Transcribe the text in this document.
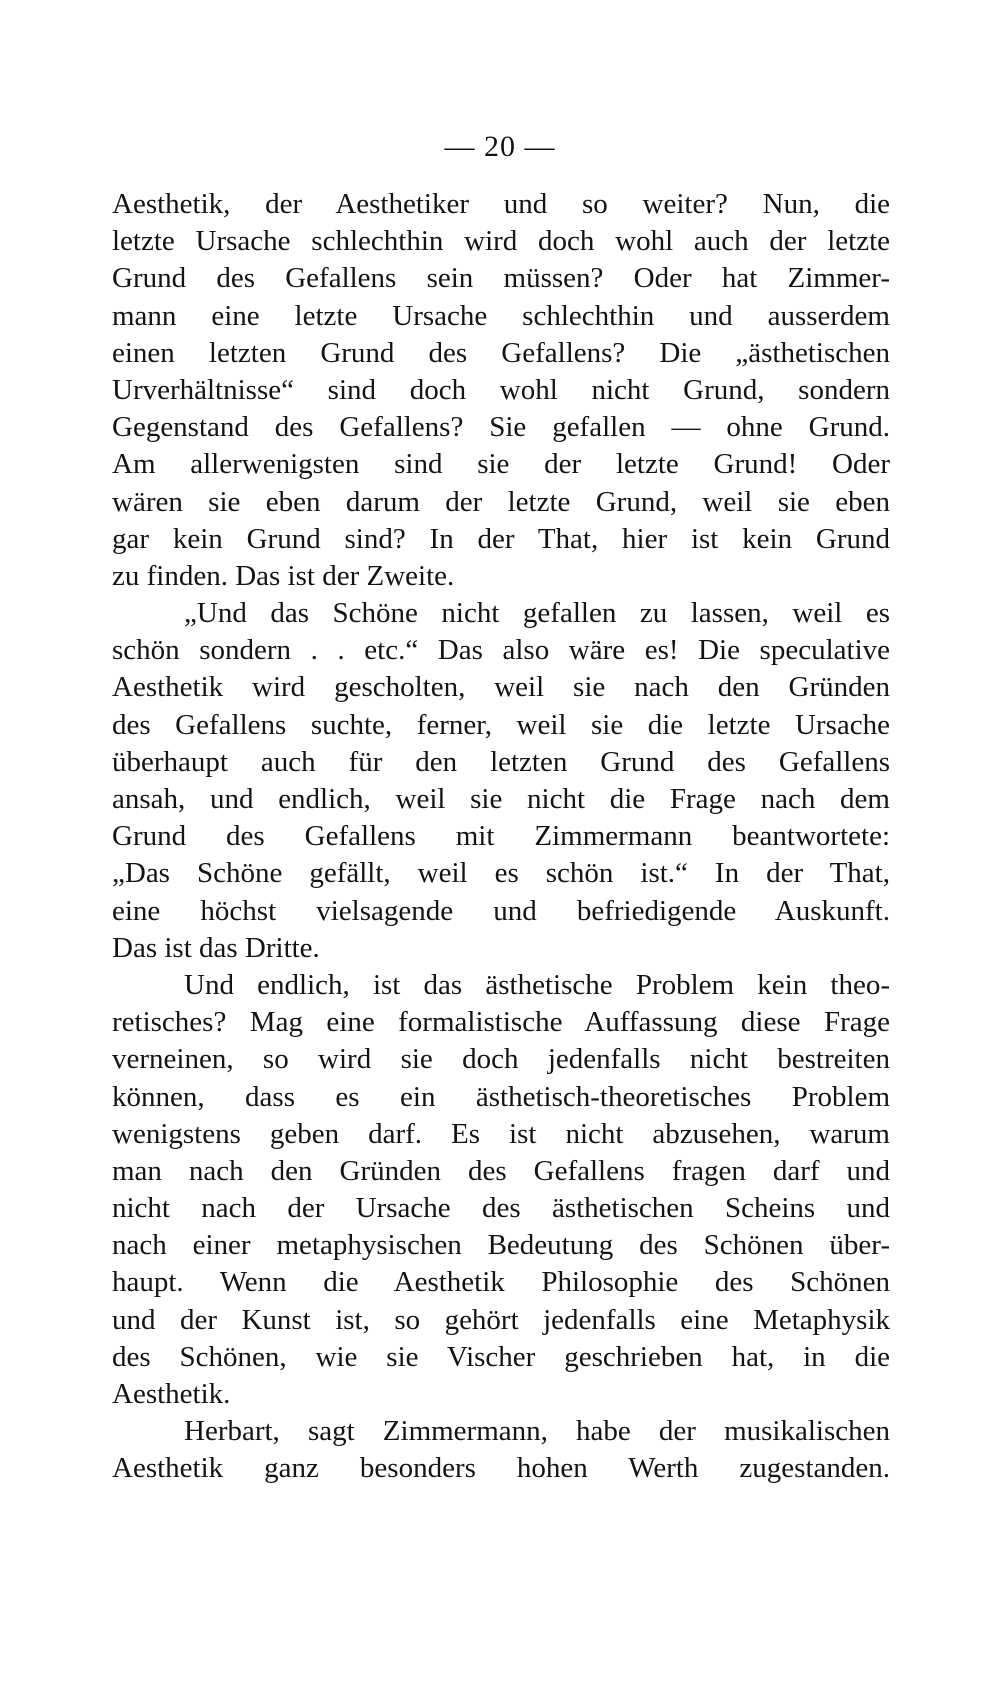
— 20 —
Aesthetik, der Aesthetiker und so weiter? Nun, die
letzte Ursache schlechthin wird doch wohl auch der letzte
Grund des Gefallens sein müssen? Oder hat Zimmer-
mann eine letzte Ursache schlechthin und ausserdem
einen letzten Grund des Gefallens? Die „ästhetischen
Urverhältnisse“ sind doch wohl nicht Grund, sondern
Gegenstand des Gefallens? Sie gefallen — ohne Grund.
Am allerwenigsten sind sie der letzte Grund! Oder
wären sie eben darum der letzte Grund, weil sie eben
gar kein Grund sind? In der That, hier ist kein Grund
zu finden. Das ist der Zweite.
„Und das Schöne nicht gefallen zu lassen, weil es
schön sondern . . etc.“ Das also wäre es! Die speculative
Aesthetik wird gescholten, weil sie nach den Gründen
des Gefallens suchte, ferner, weil sie die letzte Ursache
überhaupt auch für den letzten Grund des Gefallens
ansah, und endlich, weil sie nicht die Frage nach dem
Grund des Gefallens mit Zimmermann beantwortete:
„Das Schöne gefällt, weil es schön ist.“ In der That,
eine höchst vielsagende und befriedigende Auskunft.
Das ist das Dritte.
Und endlich, ist das ästhetische Problem kein theo-
retisches? Mag eine formalistische Auffassung diese Frage
verneinen, so wird sie doch jedenfalls nicht bestreiten
können, dass es ein ästhetisch-theoretisches Problem
wenigstens geben darf. Es ist nicht abzusehen, warum
man nach den Gründen des Gefallens fragen darf und
nicht nach der Ursache des ästhetischen Scheins und
nach einer metaphysischen Bedeutung des Schönen über-
haupt. Wenn die Aesthetik Philosophie des Schönen
und der Kunst ist, so gehört jedenfalls eine Metaphysik
des Schönen, wie sie Vischer geschrieben hat, in die
Aesthetik.
Herbart, sagt Zimmermann, habe der musikalischen
Aesthetik ganz besonders hohen Werth zugestanden.
